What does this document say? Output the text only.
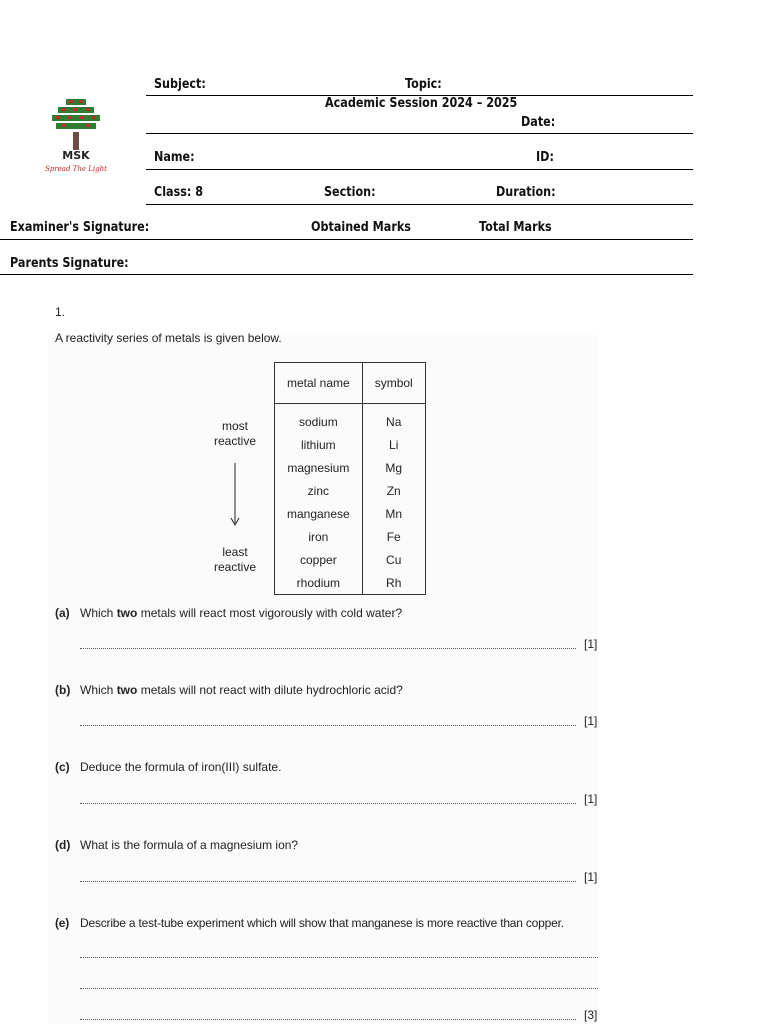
MSK
Spread The Light
Subject:	Topic:
Academic Session 2024 – 2025
Date:
Name:	ID:
Class: 8	Section:	Duration:
Examiner's Signature:	Obtained Marks	Total Marks
Parents Signature:
1.
A reactivity series of metals is given below.
most
reactive
least
reactive
metal name	symbol
sodium	Na
lithium	Li
magnesium	Mg
zinc	Zn
manganese	Mn
iron	Fe
copper	Cu
rhodium	Rh
(a) Which two metals will react most vigorously with cold water?
[1]
(b) Which two metals will not react with dilute hydrochloric acid?
[1]
(c) Deduce the formula of iron(III) sulfate.
[1]
(d) What is the formula of a magnesium ion?
[1]
(e) Describe a test-tube experiment which will show that manganese is more reactive than copper.
[3]
